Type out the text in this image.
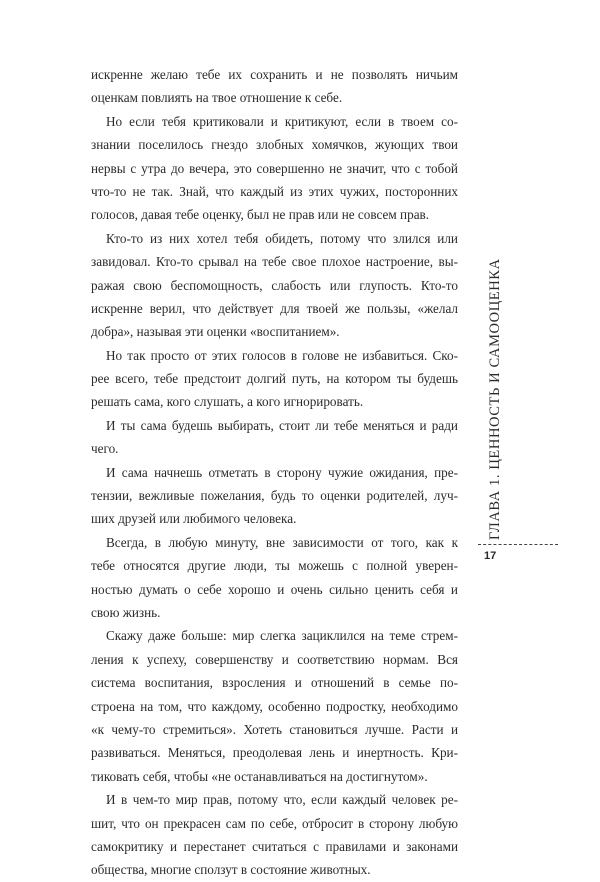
искренне желаю тебе их сохранить и не позволять ничьим
оценкам повлиять на твое отношение к себе.
Но если тебя критиковали и критикуют, если в твоем со-
знании поселилось гнездо злобных хомячков, жующих твои
нервы с утра до вечера, это совершенно не значит, что с тобой
что-то не так. Знай, что каждый из этих чужих, посторонних
голосов, давая тебе оценку, был не прав или не совсем прав.
Кто-то из них хотел тебя обидеть, потому что злился или
завидовал. Кто-то срывал на тебе свое плохое настроение, вы-
ражая свою беспомощность, слабость или глупость. Кто-то
искренне верил, что действует для твоей же пользы, «желал
добра», называя эти оценки «воспитанием».
Но так просто от этих голосов в голове не избавиться. Ско-
рее всего, тебе предстоит долгий путь, на котором ты будешь
решать сама, кого слушать, а кого игнорировать.
И ты сама будешь выбирать, стоит ли тебе меняться и ради
чего.
И сама начнешь отметать в сторону чужие ожидания, пре-
тензии, вежливые пожелания, будь то оценки родителей, луч-
ших друзей или любимого человека.
Всегда, в любую минуту, вне зависимости от того, как к
тебе относятся другие люди, ты можешь с полной уверен-
ностью думать о себе хорошо и очень сильно ценить себя и
свою жизнь.
Скажу даже больше: мир слегка зациклился на теме стрем-
ления к успеху, совершенству и соответствию нормам. Вся
система воспитания, взросления и отношений в семье по-
строена на том, что каждому, особенно подростку, необходимо
«к чему-то стремиться». Хотеть становиться лучше. Расти и
развиваться. Меняться, преодолевая лень и инертность. Кри-
тиковать себя, чтобы «не останавливаться на достигнутом».
И в чем-то мир прав, потому что, если каждый человек ре-
шит, что он прекрасен сам по себе, отбросит в сторону любую
самокритику и перестанет считаться с правилами и законами
общества, многие сползут в состояние животных.
ГЛАВА 1. ЦЕННОСТЬ И САМООЦЕНКА
17
